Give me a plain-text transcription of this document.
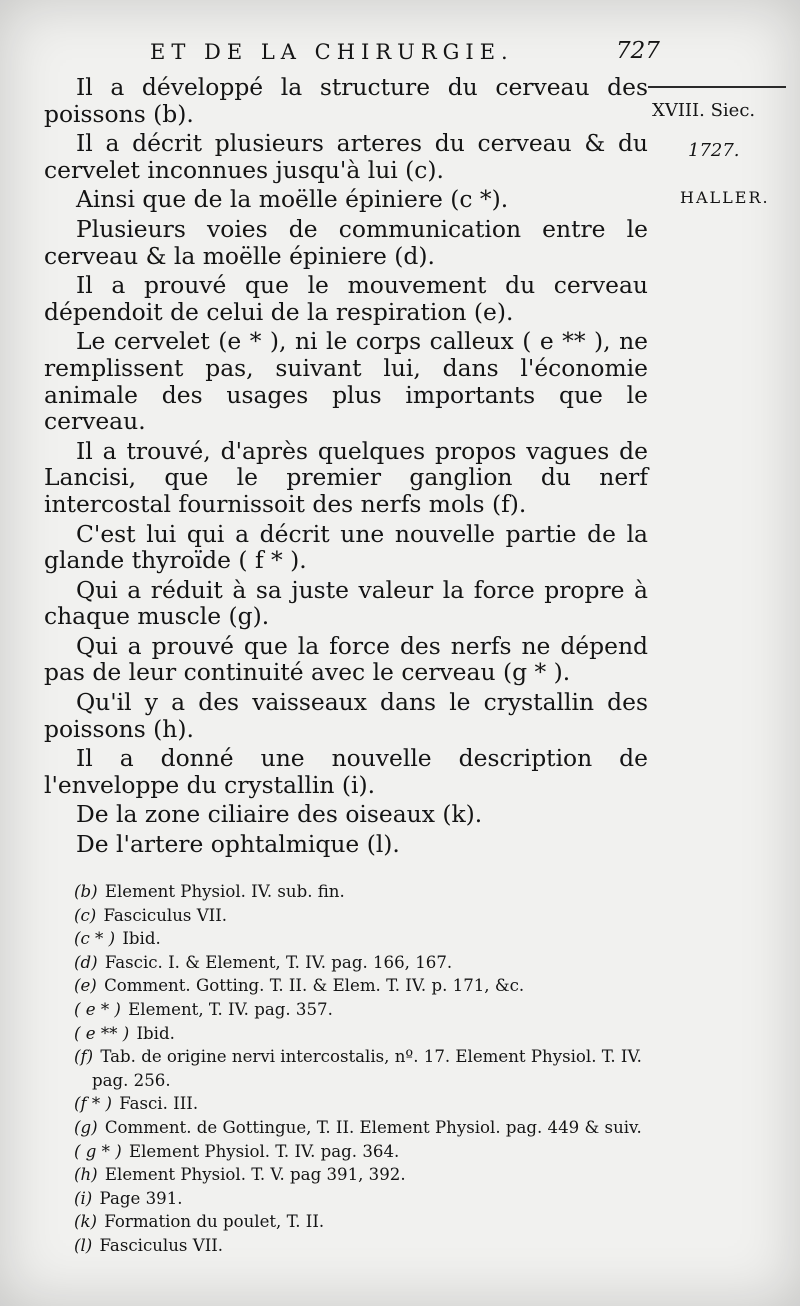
ET DE LA CHIRURGIE.	727
XVIII. Siec.
1727.
HALLER.

Il a développé la structure du cerveau des poissons (b).

Il a décrit plusieurs arteres du cerveau & du cervelet inconnues jusqu'à lui (c).

Ainsi que de la moëlle épiniere (c *).

Plusieurs voies de communication entre le cerveau & la moëlle épiniere (d).

Il a prouvé que le mouvement du cerveau dépendoit de celui de la respiration (e).

Le cervelet (e * ), ni le corps calleux ( e ** ), ne remplissent pas, suivant lui, dans l'économie animale des usages plus importants que le cerveau.

Il a trouvé, d'après quelques propos vagues de Lancisi, que le premier ganglion du nerf intercostal fournissoit des nerfs mols (f).

C'est lui qui a décrit une nouvelle partie de la glande thyroïde ( f * ).

Qui a réduit à sa juste valeur la force propre à chaque muscle (g).

Qui a prouvé que la force des nerfs ne dépend pas de leur continuité avec le cerveau (g * ).

Qu'il y a des vaisseaux dans le crystallin des poissons (h).

Il a donné une nouvelle description de l'enveloppe du crystallin (i).

De la zone ciliaire des oiseaux (k).

De l'artere ophtalmique (l).

(b) Element Physiol. IV. sub. fin.

(c) Fasciculus VII.

(c * ) Ibid.

(d) Fascic. I. & Element, T. IV. pag. 166, 167.

(e) Comment. Gotting. T. II. & Elem. T. IV. p. 171, &c.

( e * ) Element, T. IV. pag. 357.

( e ** ) Ibid.

(f) Tab. de origine nervi intercostalis, nº. 17. Element Physiol. T. IV. pag. 256.

(f * ) Fasci. III.

(g) Comment. de Gottingue, T. II. Element Physiol. pag. 449 & suiv.

( g * ) Element Physiol. T. IV. pag. 364.

(h) Element Physiol. T. V. pag 391, 392.

(i) Page 391.

(k) Formation du poulet, T. II.

(l) Fasciculus VII.
